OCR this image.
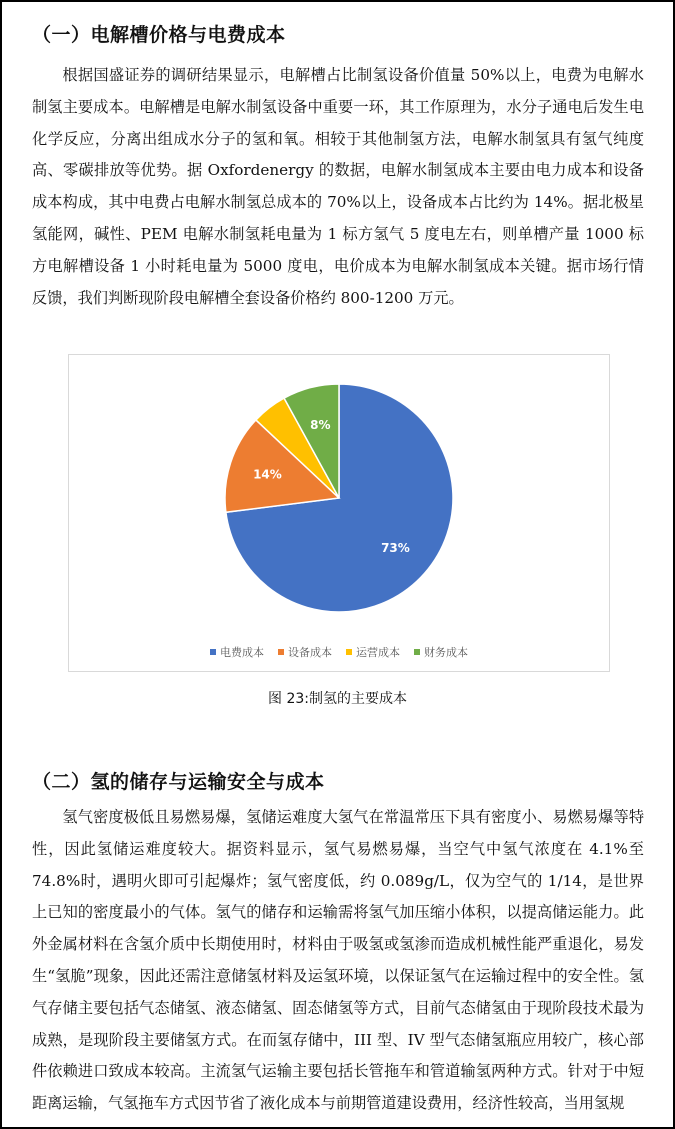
（一）电解槽价格与电费成本

根据国盛证券的调研结果显示，电解槽占比制氢设备价值量 50%以上，电费为电解水制氢主要成本。电解槽是电解水制氢设备中重要一环，其工作原理为，水分子通电后发生电化学反应，分离出组成水分子的氢和氧。相较于其他制氢方法，电解水制氢具有氢气纯度高、零碳排放等优势。据 Oxfordenergy 的数据，电解水制氢成本主要由电力成本和设备成本构成，其中电费占电解水制氢总成本的 70%以上，设备成本占比约为 14%。据北极星氢能网，碱性、PEM 电解水制氢耗电量为 1 标方氢气 5 度电左右，则单槽产量 1000 标方电解槽设备 1 小时耗电量为 5000 度电，电价成本为电解水制氢成本关键。据市场行情反馈，我们判断现阶段电解槽全套设备价格约 800-1200 万元。

73%
14%
8%
电费成本 设备成本 运营成本 财务成本
图 23:制氢的主要成本
（二）氢的储存与运输安全与成本

氢气密度极低且易燃易爆，氢储运难度大氢气在常温常压下具有密度小、易燃易爆等特性，因此氢储运难度较大。据资料显示，氢气易燃易爆，当空气中氢气浓度在 4.1%至 74.8%时，遇明火即可引起爆炸；氢气密度低，约 0.089g/L，仅为空气的 1/14，是世界上已知的密度最小的气体。氢气的储存和运输需将氢气加压缩小体积，以提高储运能力。此外金属材料在含氢介质中长期使用时，材料由于吸氢或氢渗而造成机械性能严重退化，易发生“氢脆”现象，因此还需注意储氢材料及运氢环境，以保证氢气在运输过程中的安全性。氢气存储主要包括气态储氢、液态储氢、固态储氢等方式，目前气态储氢由于现阶段技术最为成熟，是现阶段主要储氢方式。在而氢存储中，III 型、IV 型气态储氢瓶应用较广，核心部件依赖进口致成本较高。主流氢气运输主要包括长管拖车和管道输氢两种方式。针对于中短距离运输，气氢拖车方式因节省了液化成本与前期管道建设费用，经济性较高，当用氢规
